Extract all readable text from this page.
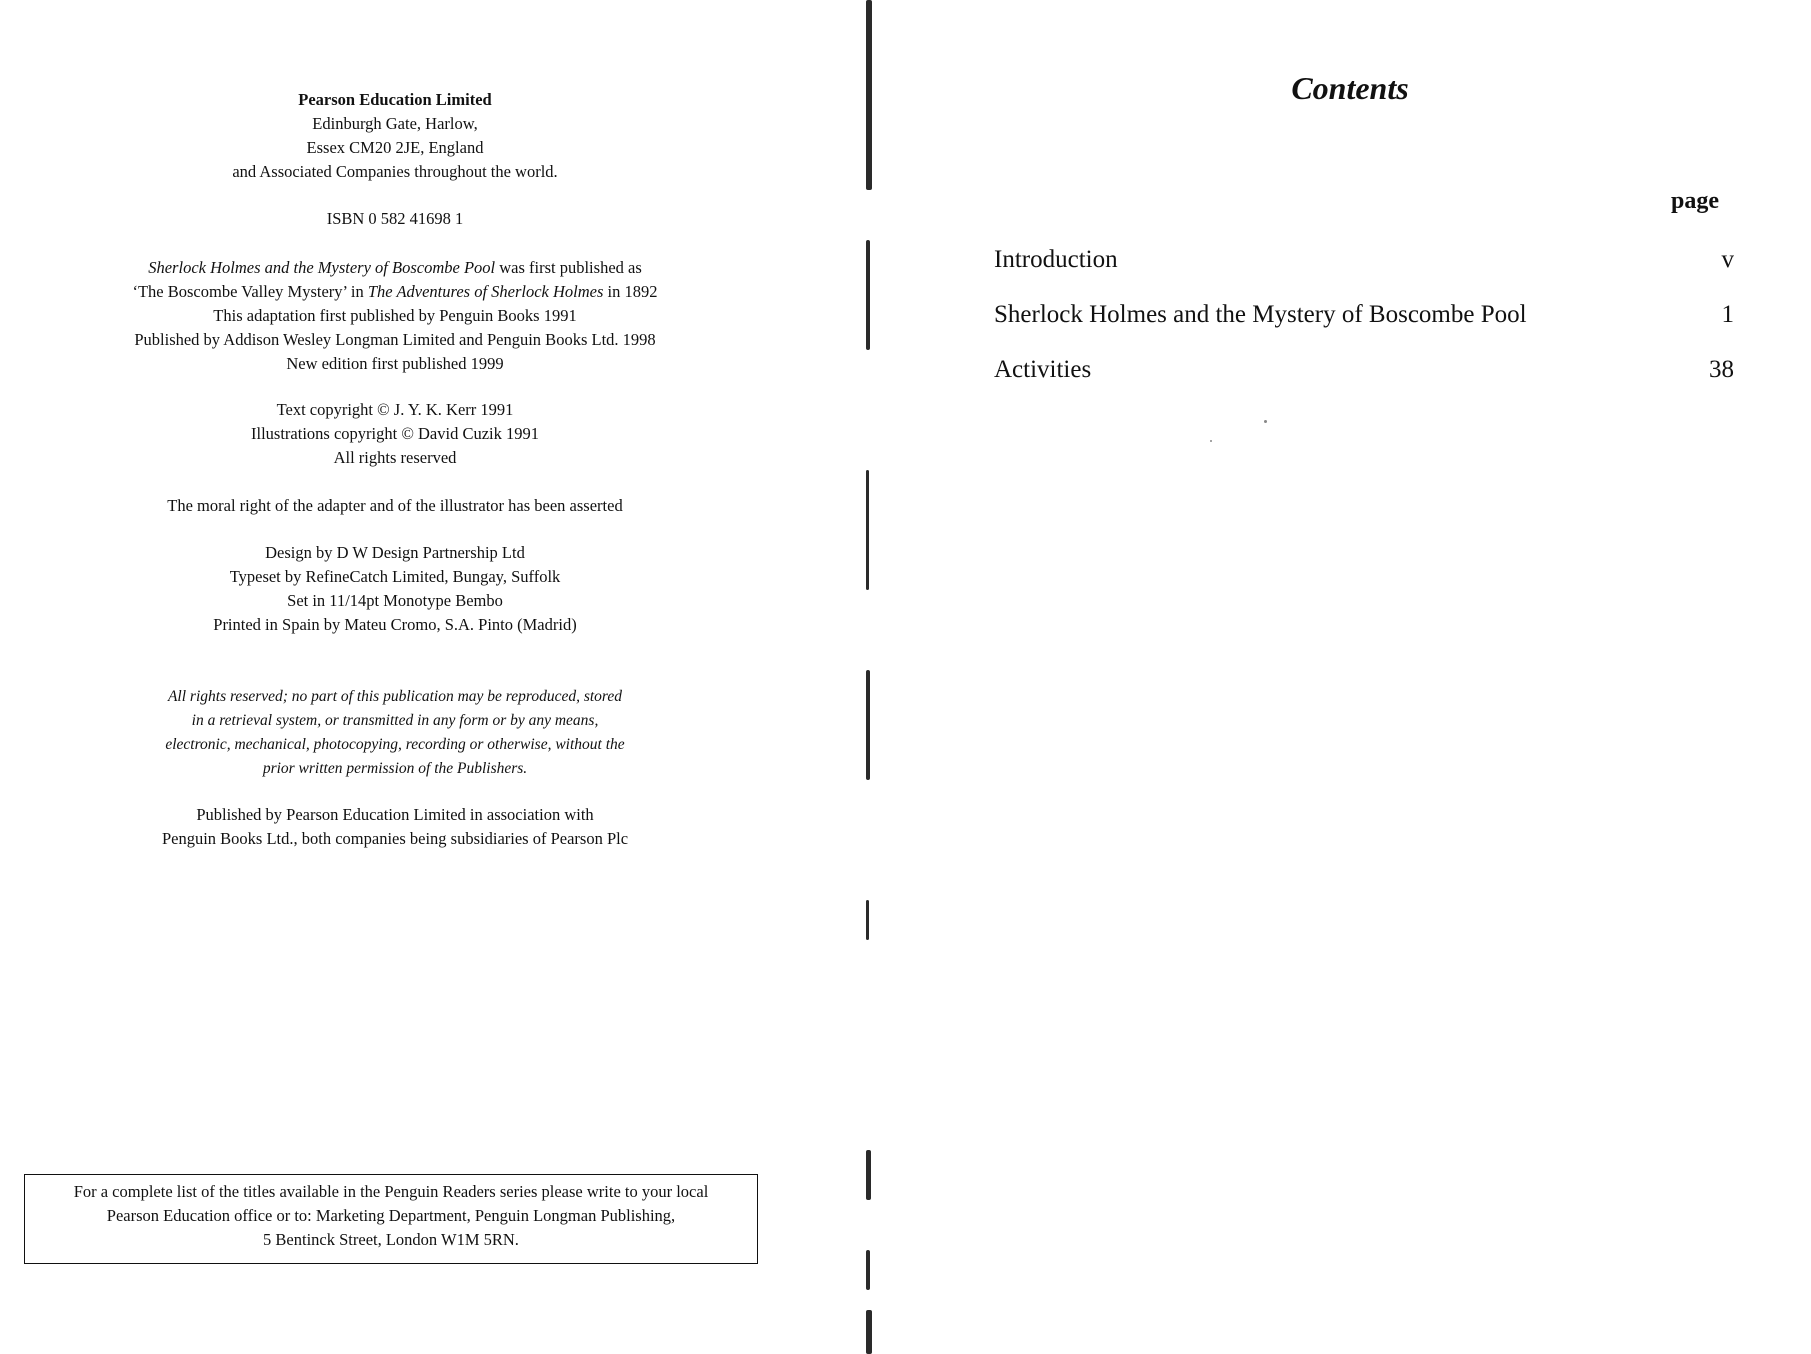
Pearson Education Limited
Edinburgh Gate, Harlow,
Essex CM20 2JE, England
and Associated Companies throughout the world.
ISBN 0 582 41698 1
Sherlock Holmes and the Mystery of Boscombe Pool was first published as
‘The Boscombe Valley Mystery’ in The Adventures of Sherlock Holmes in 1892
This adaptation first published by Penguin Books 1991
Published by Addison Wesley Longman Limited and Penguin Books Ltd. 1998
New edition first published 1999
Text copyright © J. Y. K. Kerr 1991
Illustrations copyright © David Cuzik 1991
All rights reserved
The moral right of the adapter and of the illustrator has been asserted
Design by D W Design Partnership Ltd
Typeset by RefineCatch Limited, Bungay, Suffolk
Set in 11/14pt Monotype Bembo
Printed in Spain by Mateu Cromo, S.A. Pinto (Madrid)
All rights reserved; no part of this publication may be reproduced, stored
in a retrieval system, or transmitted in any form or by any means,
electronic, mechanical, photocopying, recording or otherwise, without the
prior written permission of the Publishers.
Published by Pearson Education Limited in association with
Penguin Books Ltd., both companies being subsidiaries of Pearson Plc
For a complete list of the titles available in the Penguin Readers series please write to your local
Pearson Education office or to: Marketing Department, Penguin Longman Publishing,
5 Bentinck Street, London W1M 5RN.
Contents
page
Introduction	v
Sherlock Holmes and the Mystery of Boscombe Pool	1
Activities	38
